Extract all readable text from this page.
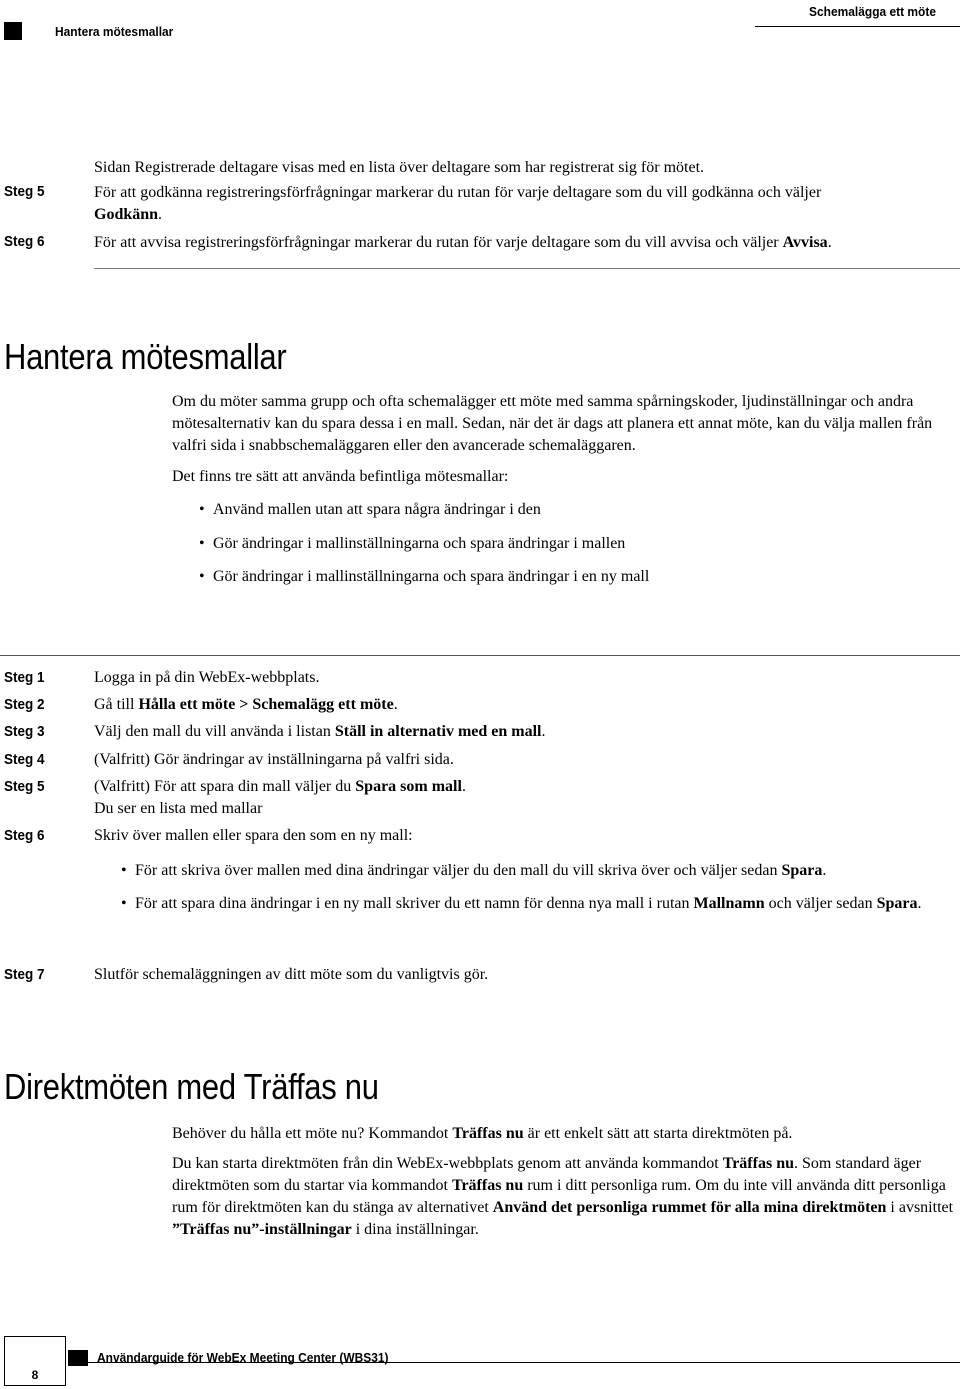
Hantera mötesmallar
Schemalägga ett möte
Sidan Registrerade deltagare visas med en lista över deltagare som har registrerat sig för mötet.
Steg 5	För att godkänna registreringsförfrågningar markerar du rutan för varje deltagare som du vill godkänna och väljer
Godkänn.
Steg 6	För att avvisa registreringsförfrågningar markerar du rutan för varje deltagare som du vill avvisa och väljer Avvisa.
Hantera mötesmallar
Om du möter samma grupp och ofta schemalägger ett möte med samma spårningskoder, ljudinställningar och andra mötesalternativ kan du spara dessa i en mall. Sedan, när det är dags att planera ett annat möte, kan du välja mallen från valfri sida i snabbschemaläggaren eller den avancerade schemaläggaren.
Det finns tre sätt att använda befintliga mötesmallar:
• Använd mallen utan att spara några ändringar i den
• Gör ändringar i mallinställningarna och spara ändringar i mallen
• Gör ändringar i mallinställningarna och spara ändringar i en ny mall
Steg 1	Logga in på din WebEx-webbplats.
Steg 2	Gå till Hålla ett möte > Schemalägg ett möte.
Steg 3	Välj den mall du vill använda i listan Ställ in alternativ med en mall.
Steg 4	(Valfritt) Gör ändringar av inställningarna på valfri sida.
Steg 5	(Valfritt) För att spara din mall väljer du Spara som mall.
Du ser en lista med mallar
Steg 6	Skriv över mallen eller spara den som en ny mall:
• För att skriva över mallen med dina ändringar väljer du den mall du vill skriva över och väljer sedan Spara.
• För att spara dina ändringar i en ny mall skriver du ett namn för denna nya mall i rutan Mallnamn och väljer sedan Spara.
Steg 7	Slutför schemaläggningen av ditt möte som du vanligtvis gör.
Direktmöten med Träffas nu
Behöver du hålla ett möte nu? Kommandot Träffas nu är ett enkelt sätt att starta direktmöten på.
Du kan starta direktmöten från din WebEx-webbplats genom att använda kommandot Träffas nu. Som standard äger direktmöten som du startar via kommandot Träffas nu rum i ditt personliga rum. Om du inte vill använda ditt personliga rum för direktmöten kan du stänga av alternativet Använd det personliga rummet för alla mina direktmöten i avsnittet ”Träffas nu”-inställningar i dina inställningar.
8
Användarguide för WebEx Meeting Center (WBS31)
